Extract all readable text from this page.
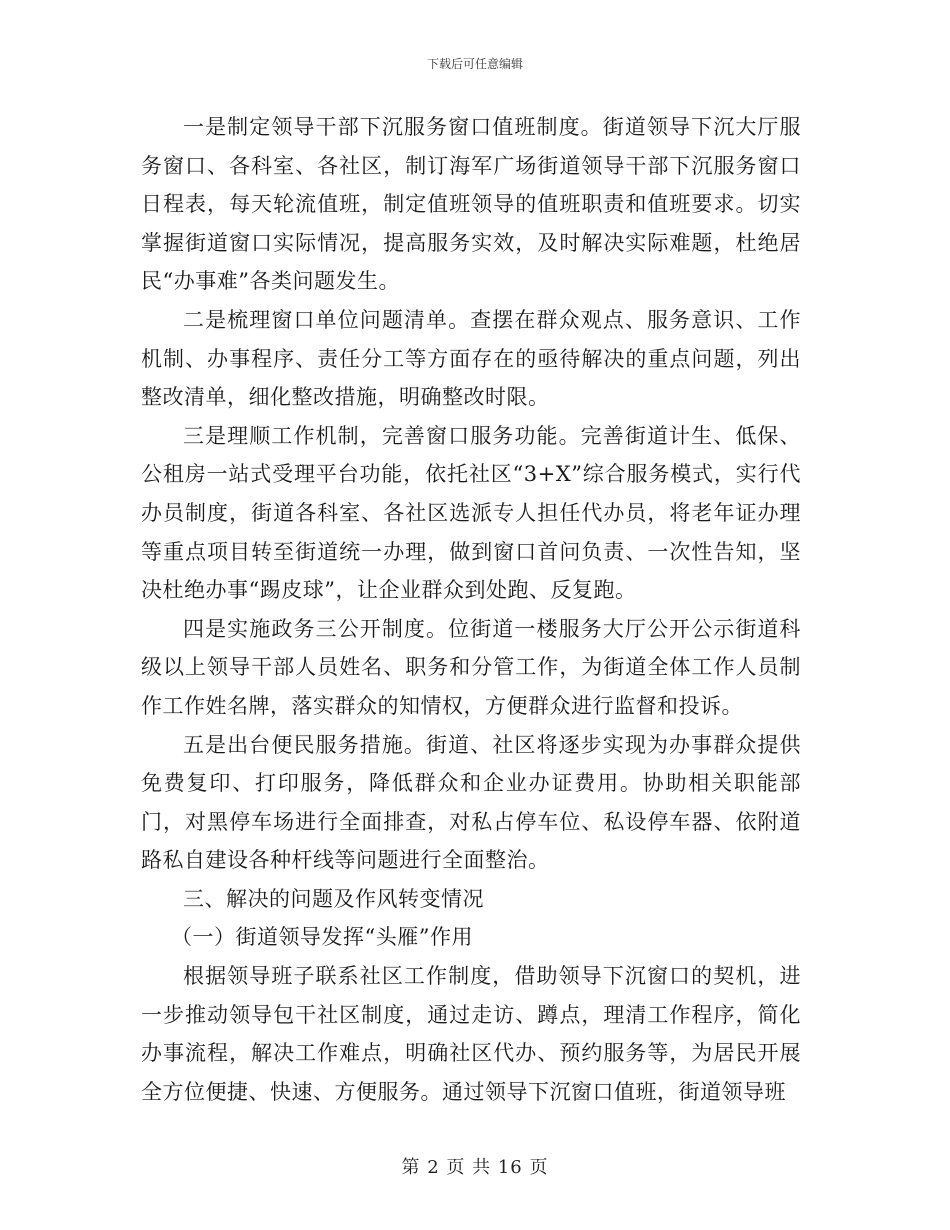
下载后可任意编辑

一是制定领导干部下沉服务窗口值班制度。街道领导下沉大厅服务窗口、各科室、各社区，制订海军广场街道领导干部下沉服务窗口日程表，每天轮流值班，制定值班领导的值班职责和值班要求。切实掌握街道窗口实际情况，提高服务实效，及时解决实际难题，杜绝居民“办事难”各类问题发生。

二是梳理窗口单位问题清单。查摆在群众观点、服务意识、工作机制、办事程序、责任分工等方面存在的亟待解决的重点问题，列出整改清单，细化整改措施，明确整改时限。

三是理顺工作机制，完善窗口服务功能。完善街道计生、低保、公租房一站式受理平台功能，依托社区“3+X”综合服务模式，实行代办员制度，街道各科室、各社区选派专人担任代办员，将老年证办理等重点项目转至街道统一办理，做到窗口首问负责、一次性告知，坚决杜绝办事“踢皮球”，让企业群众到处跑、反复跑。

四是实施政务三公开制度。位街道一楼服务大厅公开公示街道科级以上领导干部人员姓名、职务和分管工作，为街道全体工作人员制作工作姓名牌，落实群众的知情权，方便群众进行监督和投诉。

五是出台便民服务措施。街道、社区将逐步实现为办事群众提供免费复印、打印服务，降低群众和企业办证费用。协助相关职能部门，对黑停车场进行全面排查，对私占停车位、私设停车器、依附道路私自建设各种杆线等问题进行全面整治。

三、解决的问题及作风转变情况

（一）街道领导发挥“头雁”作用

根据领导班子联系社区工作制度，借助领导下沉窗口的契机，进一步推动领导包干社区制度，通过走访、蹲点，理清工作程序，简化办事流程，解决工作难点，明确社区代办、预约服务等，为居民开展全方位便捷、快速、方便服务。通过领导下沉窗口值班，街道领导班

第 2 页 共 16 页
